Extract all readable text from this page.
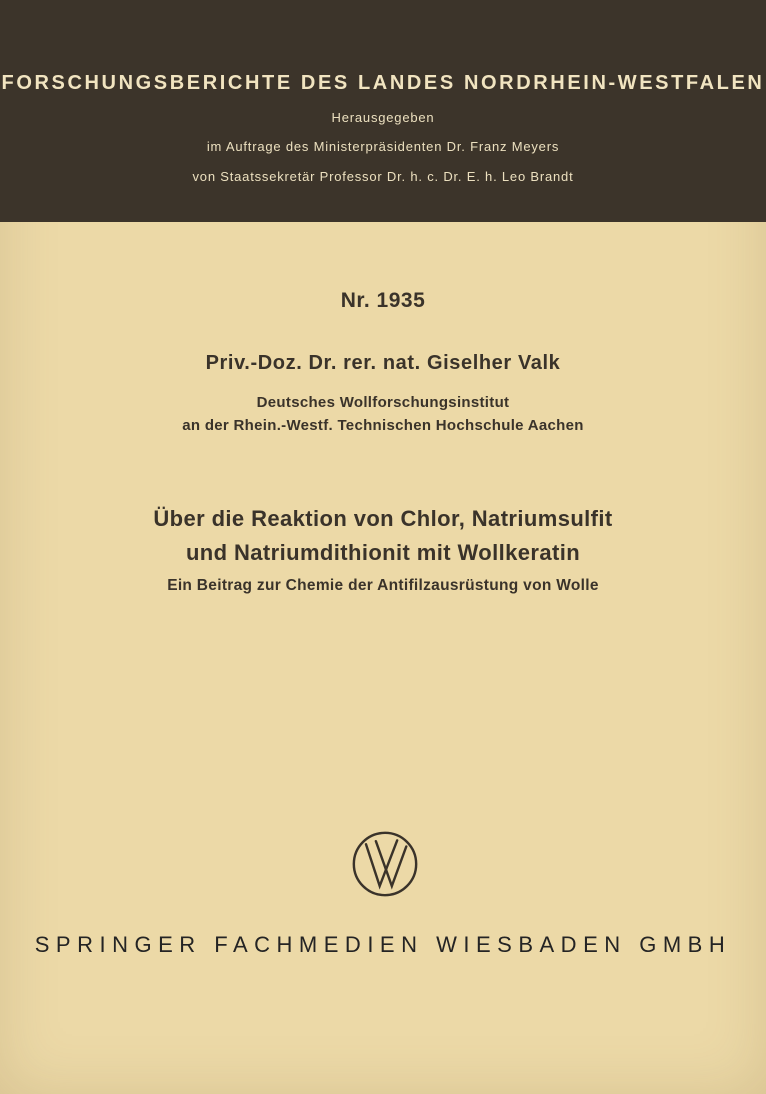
FORSCHUNGSBERICHTE DES LANDES NORDRHEIN-WESTFALEN
Herausgegeben
im Auftrage des Ministerpräsidenten Dr. Franz Meyers
von Staatssekretär Professor Dr. h. c. Dr. E. h. Leo Brandt
Nr. 1935
Priv.-Doz. Dr. rer. nat. Giselher Valk
Deutsches Wollforschungsinstitut
an der Rhein.-Westf. Technischen Hochschule Aachen
Über die Reaktion von Chlor, Natriumsulfit
und Natriumdithionit mit Wollkeratin
Ein Beitrag zur Chemie der Antifilzausrüstung von Wolle
SPRINGER FACHMEDIEN WIESBADEN GMBH
